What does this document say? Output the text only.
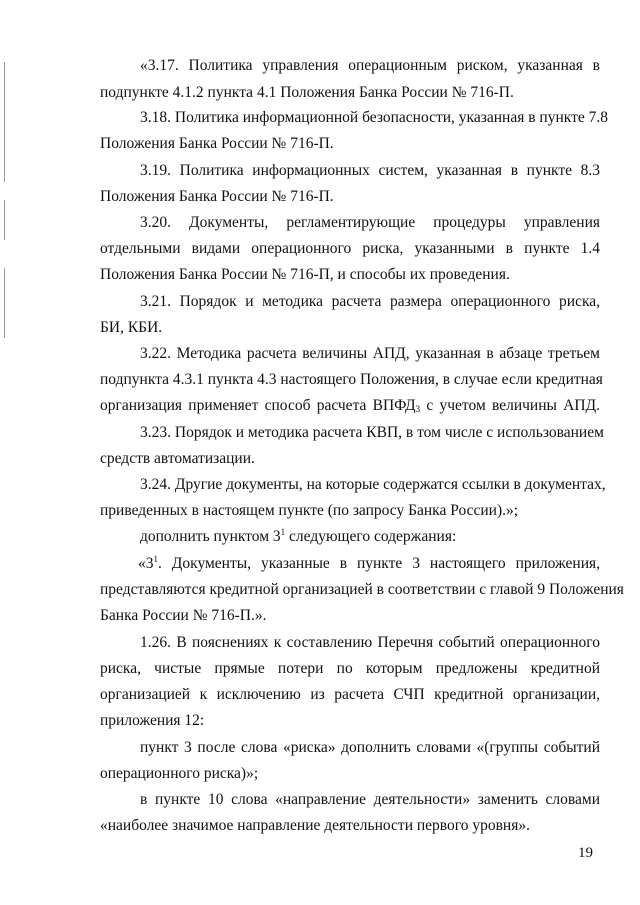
«3.17. Политика управления операционным риском, указанная в
подпункте 4.1.2 пункта 4.1 Положения Банка России № 716-П.
3.18. Политика информационной безопасности, указанная в пункте 7.8
Положения Банка России № 716-П.
3.19. Политика информационных систем, указанная в пункте 8.3
Положения Банка России № 716-П.
3.20. Документы, регламентирующие процедуры управления
отдельными видами операционного риска, указанными в пункте 1.4
Положения Банка России № 716-П, и способы их проведения.
3.21. Порядок и методика расчета размера операционного риска,
БИ, КБИ.
3.22. Методика расчета величины АПД, указанная в абзаце третьем
подпункта 4.3.1 пункта 4.3 настоящего Положения, в случае если кредитная
организация применяет способ расчета $ВПФД_3$ с учетом величины АПД.
3.23. Порядок и методика расчета КВП, в том числе с использованием
средств автоматизации.
3.24. Другие документы, на которые содержатся ссылки в документах,
приведенных в настоящем пункте (по запросу Банка России).»;
дополнить пунктом $3^1$ следующего содержания:
«$3^1$. Документы, указанные в пункте 3 настоящего приложения,
представляются кредитной организацией в соответствии с главой 9 Положения
Банка России № 716-П.».
1.26. В пояснениях к составлению Перечня событий операционного
риска, чистые прямые потери по которым предложены кредитной
организацией к исключению из расчета СЧП кредитной организации,
приложения 12:
пункт 3 после слова «риска» дополнить словами «(группы событий
операционного риска)»;
в пункте 10 слова «направление деятельности» заменить словами
«наиболее значимое направление деятельности первого уровня».
19
